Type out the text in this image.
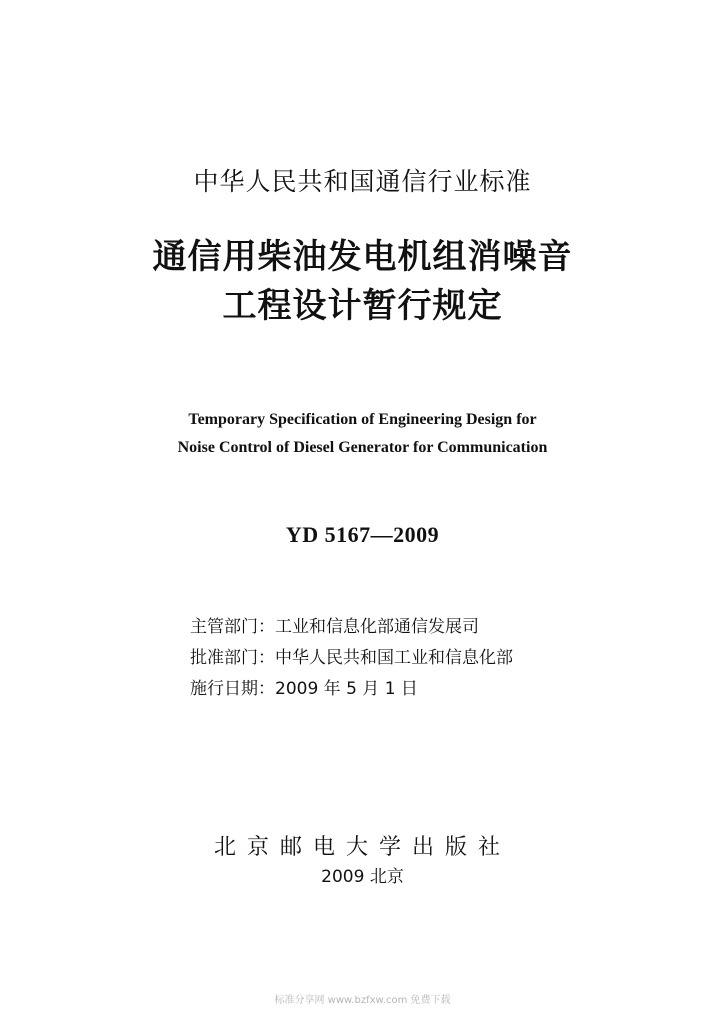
中华人民共和国通信行业标准
通信用柴油发电机组消噪音
工程设计暂行规定
Temporary Specification of Engineering Design for
Noise Control of Diesel Generator for Communication
YD 5167—2009
主管部门：工业和信息化部通信发展司
批准部门：中华人民共和国工业和信息化部
施行日期：2009 年 5 月 1 日
北京邮电大学出版社
2009 北京
标准分享网 www.bzfxw.com 免费下载
